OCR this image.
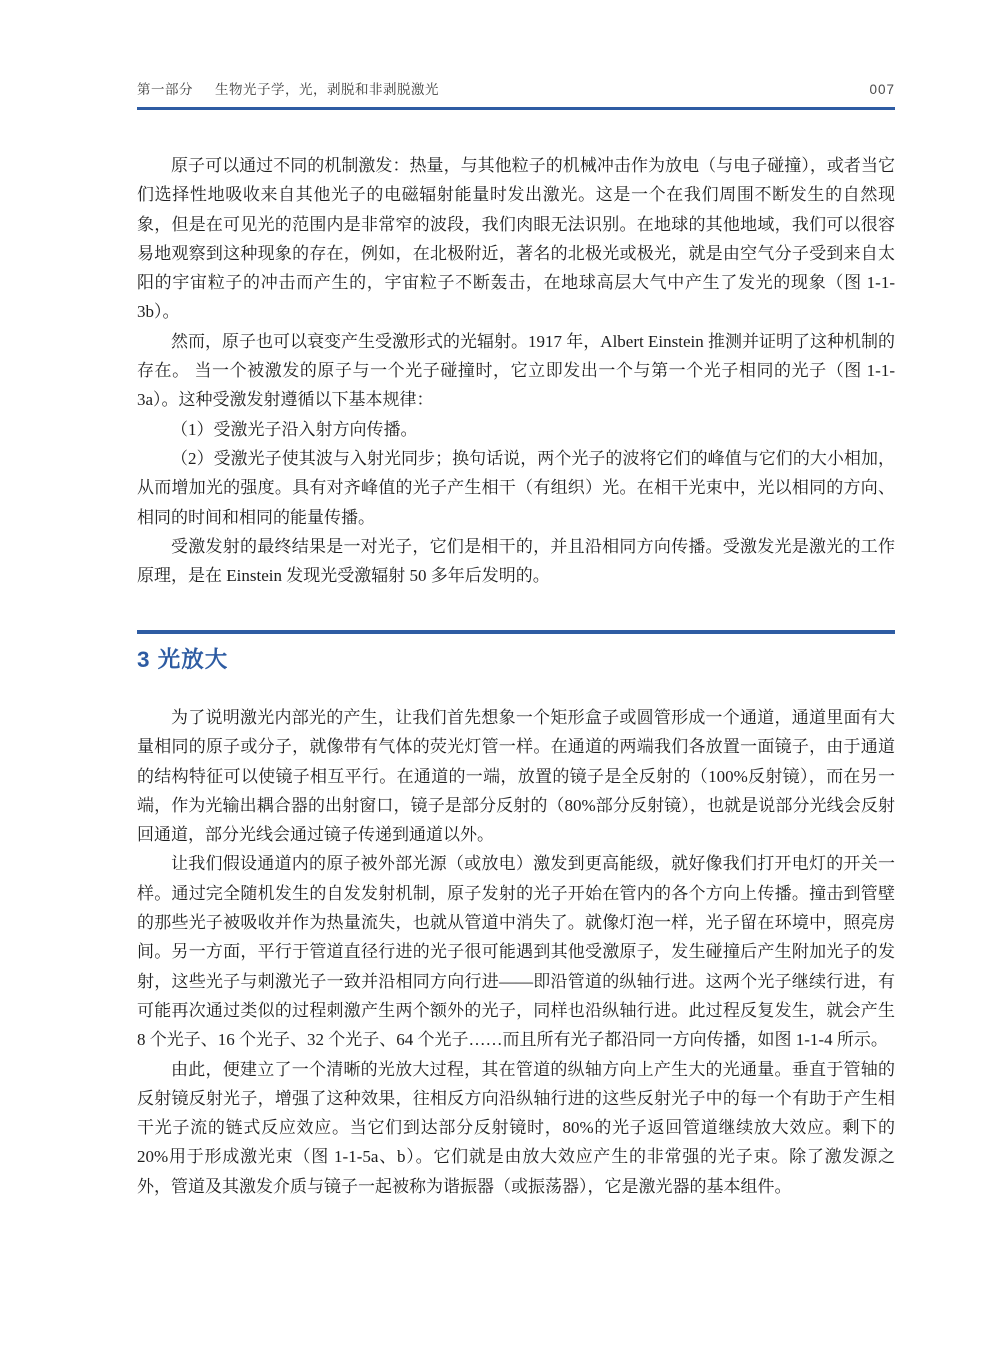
第一部分 生物光子学，光，剥脱和非剥脱激光	007

原子可以通过不同的机制激发：热量，与其他粒子的机械冲击作为放电（与电子碰撞），或者当它们选择性地吸收来自其他光子的电磁辐射能量时发出激光。这是一个在我们周围不断发生的自然现象，但是在可见光的范围内是非常窄的波段，我们肉眼无法识别。在地球的其他地域，我们可以很容易地观察到这种现象的存在，例如，在北极附近，著名的北极光或极光，就是由空气分子受到来自太阳的宇宙粒子的冲击而产生的，宇宙粒子不断轰击，在地球高层大气中产生了发光的现象（图 1-1-3b）。

然而，原子也可以衰变产生受激形式的光辐射。1917 年，Albert Einstein 推测并证明了这种机制的存在。 当一个被激发的原子与一个光子碰撞时，它立即发出一个与第一个光子相同的光子（图 1-1-3a）。这种受激发射遵循以下基本规律：

（1）受激光子沿入射方向传播。

（2）受激光子使其波与入射光同步；换句话说，两个光子的波将它们的峰值与它们的大小相加，从而增加光的强度。具有对齐峰值的光子产生相干（有组织）光。在相干光束中，光以相同的方向、相同的时间和相同的能量传播。

受激发射的最终结果是一对光子，它们是相干的，并且沿相同方向传播。受激发光是激光的工作原理，是在 Einstein 发现光受激辐射 50 多年后发明的。

3 光放大

为了说明激光内部光的产生，让我们首先想象一个矩形盒子或圆管形成一个通道，通道里面有大量相同的原子或分子，就像带有气体的荧光灯管一样。在通道的两端我们各放置一面镜子，由于通道的结构特征可以使镜子相互平行。在通道的一端，放置的镜子是全反射的（100%反射镜），而在另一端，作为光输出耦合器的出射窗口，镜子是部分反射的（80%部分反射镜），也就是说部分光线会反射回通道，部分光线会通过镜子传递到通道以外。

让我们假设通道内的原子被外部光源（或放电）激发到更高能级，就好像我们打开电灯的开关一样。通过完全随机发生的自发发射机制，原子发射的光子开始在管内的各个方向上传播。撞击到管壁的那些光子被吸收并作为热量流失，也就从管道中消失了。就像灯泡一样，光子留在环境中，照亮房间。另一方面，平行于管道直径行进的光子很可能遇到其他受激原子，发生碰撞后产生附加光子的发射，这些光子与刺激光子一致并沿相同方向行进——即沿管道的纵轴行进。这两个光子继续行进，有可能再次通过类似的过程刺激产生两个额外的光子，同样也沿纵轴行进。此过程反复发生，就会产生 8 个光子、16 个光子、32 个光子、64 个光子……而且所有光子都沿同一方向传播，如图 1-1-4 所示。

由此，便建立了一个清晰的光放大过程，其在管道的纵轴方向上产生大的光通量。垂直于管轴的反射镜反射光子，增强了这种效果，往相反方向沿纵轴行进的这些反射光子中的每一个有助于产生相干光子流的链式反应效应。当它们到达部分反射镜时，80%的光子返回管道继续放大效应。剩下的 20%用于形成激光束（图 1-1-5a、b）。它们就是由放大效应产生的非常强的光子束。除了激发源之外，管道及其激发介质与镜子一起被称为谐振器（或振荡器），它是激光器的基本组件。
